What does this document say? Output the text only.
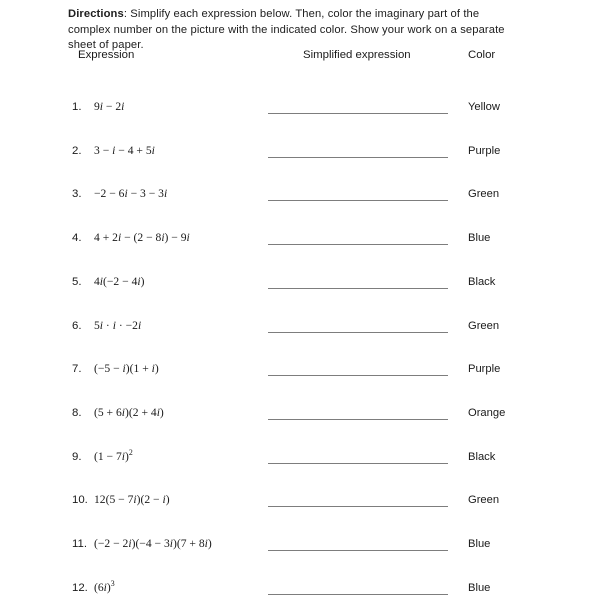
Directions: Simplify each expression below. Then, color the imaginary part of the complex number on the picture with the indicated color. Show your work on a separate sheet of paper.
Expression	Simplified expression	Color
1.	9i − 2i	Yellow
2.	3 − i − 4 + 5i	Purple
3.	−2 − 6i − 3 − 3i	Green
4.	4 + 2i − (2 − 8i) − 9i	Blue
5.	4i(−2 − 4i)	Black
6.	5i · i · −2i	Green
7.	(−5 − i)(1 + i)	Purple
8.	(5 + 6i)(2 + 4i)	Orange
9.	$(1 - 7i)^2$	Black
10. 12(5 − 7i)(2 − i)	Green
11. (−2 − 2i)(−4 − 3i)(7 + 8i)	Blue
12. $(6i)^3$	Blue
